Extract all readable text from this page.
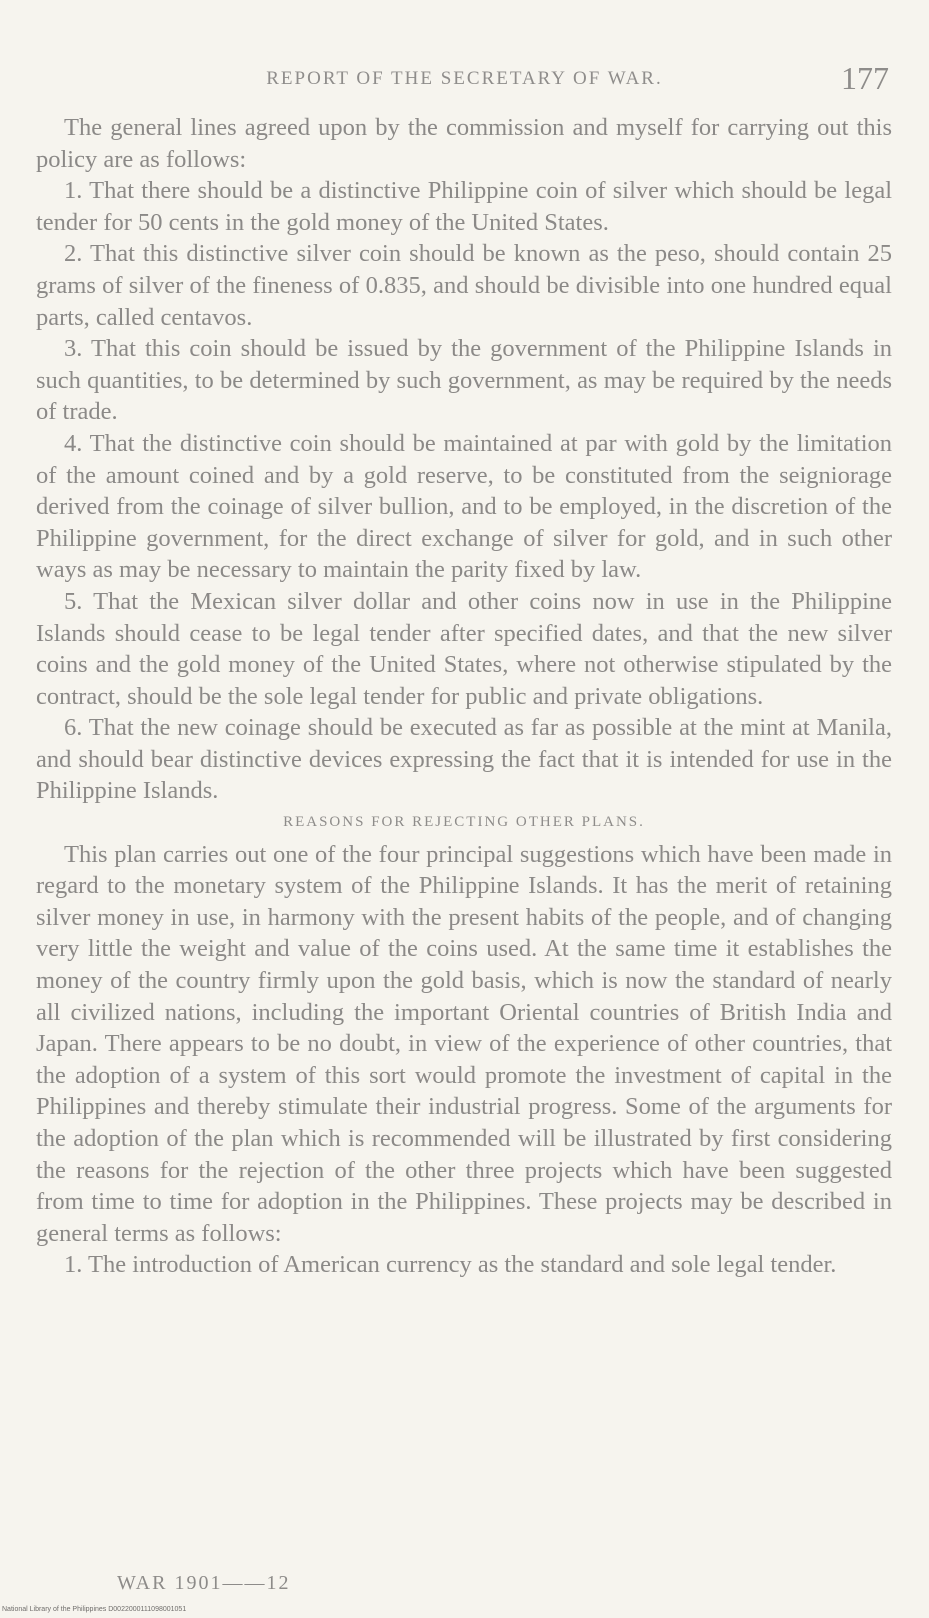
REPORT OF THE SECRETARY OF WAR.	177

The general lines agreed upon by the commission and myself for carrying out this policy are as follows:

1. That there should be a distinctive Philippine coin of silver which should be legal tender for 50 cents in the gold money of the United States.

2. That this distinctive silver coin should be known as the peso, should contain 25 grams of silver of the fineness of 0.835, and should be divisible into one hundred equal parts, called centavos.

3. That this coin should be issued by the government of the Philippine Islands in such quantities, to be determined by such government, as may be required by the needs of trade.

4. That the distinctive coin should be maintained at par with gold by the limitation of the amount coined and by a gold reserve, to be constituted from the seigniorage derived from the coinage of silver bullion, and to be employed, in the discretion of the Philippine government, for the direct exchange of silver for gold, and in such other ways as may be necessary to maintain the parity fixed by law.

5. That the Mexican silver dollar and other coins now in use in the Philippine Islands should cease to be legal tender after specified dates, and that the new silver coins and the gold money of the United States, where not otherwise stipulated by the contract, should be the sole legal tender for public and private obligations.

6. That the new coinage should be executed as far as possible at the mint at Manila, and should bear distinctive devices expressing the fact that it is intended for use in the Philippine Islands.

REASONS FOR REJECTING OTHER PLANS.

This plan carries out one of the four principal suggestions which have been made in regard to the monetary system of the Philippine Islands. It has the merit of retaining silver money in use, in harmony with the present habits of the people, and of changing very little the weight and value of the coins used. At the same time it establishes the money of the country firmly upon the gold basis, which is now the standard of nearly all civilized nations, including the important Oriental countries of British India and Japan. There appears to be no doubt, in view of the experience of other countries, that the adoption of a system of this sort would promote the investment of capital in the Philippines and thereby stimulate their industrial progress. Some of the arguments for the adoption of the plan which is recommended will be illustrated by first considering the reasons for the rejection of the other three projects which have been suggested from time to time for adoption in the Philippines. These projects may be described in general terms as follows:

1. The introduction of American currency as the standard and sole legal tender.

WAR 1901——12
National Library of the Philippines D0022000111098001051
